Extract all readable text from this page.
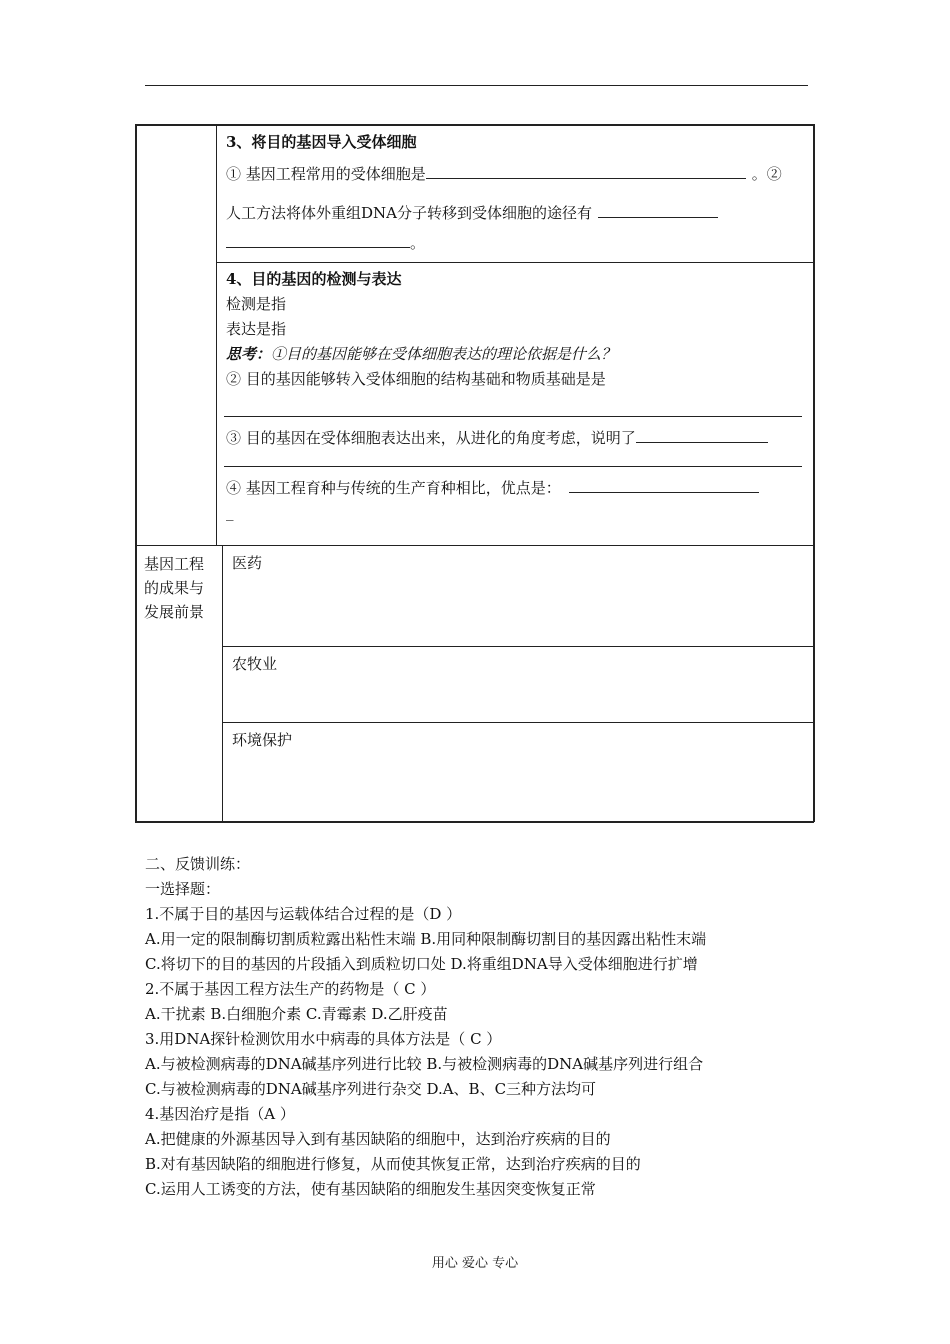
3、将目的基因导入受体细胞
① 基因工程常用的受体细胞是	。②
人工方法将体外重组DNA分子转移到受体细胞的途径有
。
4、目的基因的检测与表达
检测是指
表达是指
思考：①目的基因能够在受体细胞表达的理论依据是什么？
② 目的基因能够转入受体细胞的结构基础和物质基础是是
③ 目的基因在受体细胞表达出来，从进化的角度考虑，说明了
④ 基因工程育种与传统的生产育种相比，优点是：
_
基因工程
的成果与
发展前景
医药
农牧业
环境保护
二、反馈训练：
一选择题：
1.不属于目的基因与运载体结合过程的是（D ）
A.用一定的限制酶切割质粒露出粘性末端 B.用同种限制酶切割目的基因露出粘性末端
C.将切下的目的基因的片段插入到质粒切口处 D.将重组DNA导入受体细胞进行扩增
2.不属于基因工程方法生产的药物是（ C ）
A.干扰素 B.白细胞介素 C.青霉素 D.乙肝疫苗
3.用DNA探针检测饮用水中病毒的具体方法是（ C ）
A.与被检测病毒的DNA碱基序列进行比较 B.与被检测病毒的DNA碱基序列进行组合
C.与被检测病毒的DNA碱基序列进行杂交 D.A、B、C三种方法均可
4.基因治疗是指（A ）
A.把健康的外源基因导入到有基因缺陷的细胞中，达到治疗疾病的目的
B.对有基因缺陷的细胞进行修复，从而使其恢复正常，达到治疗疾病的目的
C.运用人工诱变的方法，使有基因缺陷的细胞发生基因突变恢复正常
用心 爱心 专心
